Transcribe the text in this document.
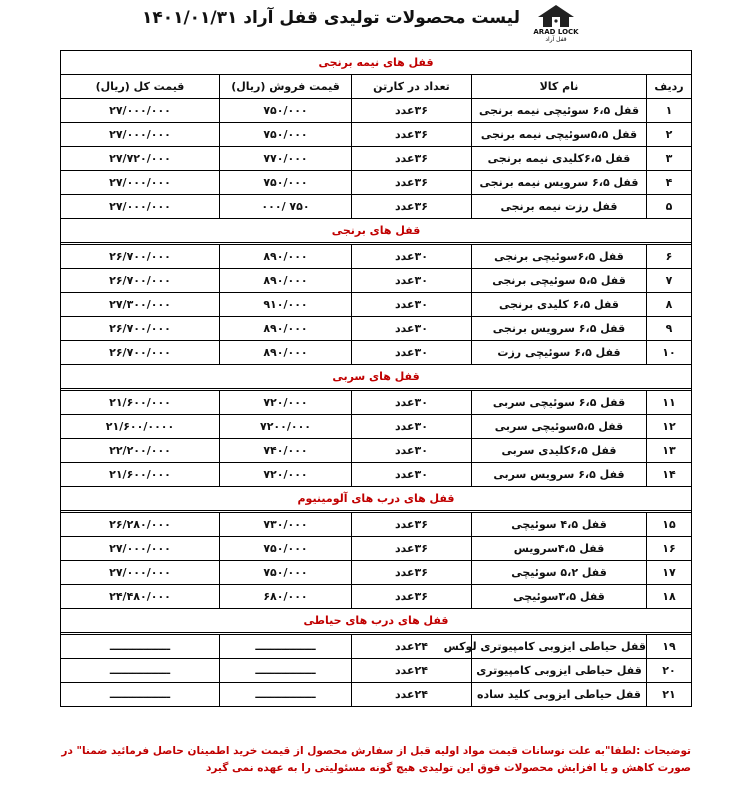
لیست محصولات تولیدی قفل آراد ۱۴۰۱/۰۱/۳۱
ARAD LOCK
قفل آراد
قفل های نیمه برنجی				
ردیف	نام کالا	تعداد در کارتن	قیمت فروش (ریال)	قیمت کل (ریال)
۱	قفل ۶،۵ سوئیچی نیمه برنجی	۳۶عدد	۷۵۰/۰۰۰	۲۷/۰۰۰/۰۰۰
۲	قفل ۵،۵سوئیچی نیمه برنجی	۳۶عدد	۷۵۰/۰۰۰	۲۷/۰۰۰/۰۰۰
۳	قفل ۶،۵کلیدی نیمه برنجی	۳۶عدد	۷۷۰/۰۰۰	۲۷/۷۲۰/۰۰۰
۴	قفل ۶،۵ سرویس نیمه برنجی	۳۶عدد	۷۵۰/۰۰۰	۲۷/۰۰۰/۰۰۰
۵	قفل رزت نیمه برنجی	۳۶عدد	۷۵۰ /۰۰۰	۲۷/۰۰۰/۰۰۰
قفل های برنجی				

۶	قفل ۶،۵سوئیچی برنجی	۳۰عدد	۸۹۰/۰۰۰	۲۶/۷۰۰/۰۰۰
۷	قفل ۵،۵ سوئیچی برنجی	۳۰عدد	۸۹۰/۰۰۰	۲۶/۷۰۰/۰۰۰
۸	قفل ۶،۵ کلیدی برنجی	۳۰عدد	۹۱۰/۰۰۰	۲۷/۳۰۰/۰۰۰
۹	قفل ۶،۵ سرویس برنجی	۳۰عدد	۸۹۰/۰۰۰	۲۶/۷۰۰/۰۰۰
۱۰	قفل ۶،۵ سوئیچی رزت	۳۰عدد	۸۹۰/۰۰۰	۲۶/۷۰۰/۰۰۰
قفل های سربی				

۱۱	قفل ۶،۵ سوئیچی سربی	۳۰عدد	۷۲۰/۰۰۰	۲۱/۶۰۰/۰۰۰
۱۲	قفل ۵،۵سوئیچی سربی	۳۰عدد	۷۲۰۰/۰۰۰	۲۱/۶۰۰/۰۰۰۰
۱۳	قفل ۶،۵کلیدی سربی	۳۰عدد	۷۴۰/۰۰۰	۲۲/۲۰۰/۰۰۰
۱۴	قفل ۶،۵ سرویس سربی	۳۰عدد	۷۲۰/۰۰۰	۲۱/۶۰۰/۰۰۰
قفل های درب های آلومینیوم				

۱۵	قفل ۴،۵ سوئیچی	۳۶عدد	۷۳۰/۰۰۰	۲۶/۲۸۰/۰۰۰
۱۶	قفل ۴،۵سرویس	۳۶عدد	۷۵۰/۰۰۰	۲۷/۰۰۰/۰۰۰
۱۷	قفل ۵،۲ سوئیچی	۳۶عدد	۷۵۰/۰۰۰	۲۷/۰۰۰/۰۰۰
۱۸	قفل ۳،۵سوئیچی	۳۶عدد	۶۸۰/۰۰۰	۲۴/۴۸۰/۰۰۰
قفل های درب های حیاطی				

۱۹	قفل حیاطی ایزوبی کامپیوتری لوکس	۲۴عدد	ــــــــــــــــ	ــــــــــــــــ
۲۰	قفل حیاطی ایزوبی کامپیوتری	۲۴عدد	ــــــــــــــــ	ــــــــــــــــ
۲۱	قفل حیاطی ایزوبی کلید ساده	۲۴عدد	ــــــــــــــــ	ــــــــــــــــ
توضیحات :لطفا"به علت نوسانات قیمت مواد اولیه قبل از سفارش محصول از قیمت خرید اطمینان حاصل فرمائید ضمنا" در
صورت کاهش و یا افزایش محصولات فوق این تولیدی هیچ گونه مسئولیتی را به عهده نمی گیرد
